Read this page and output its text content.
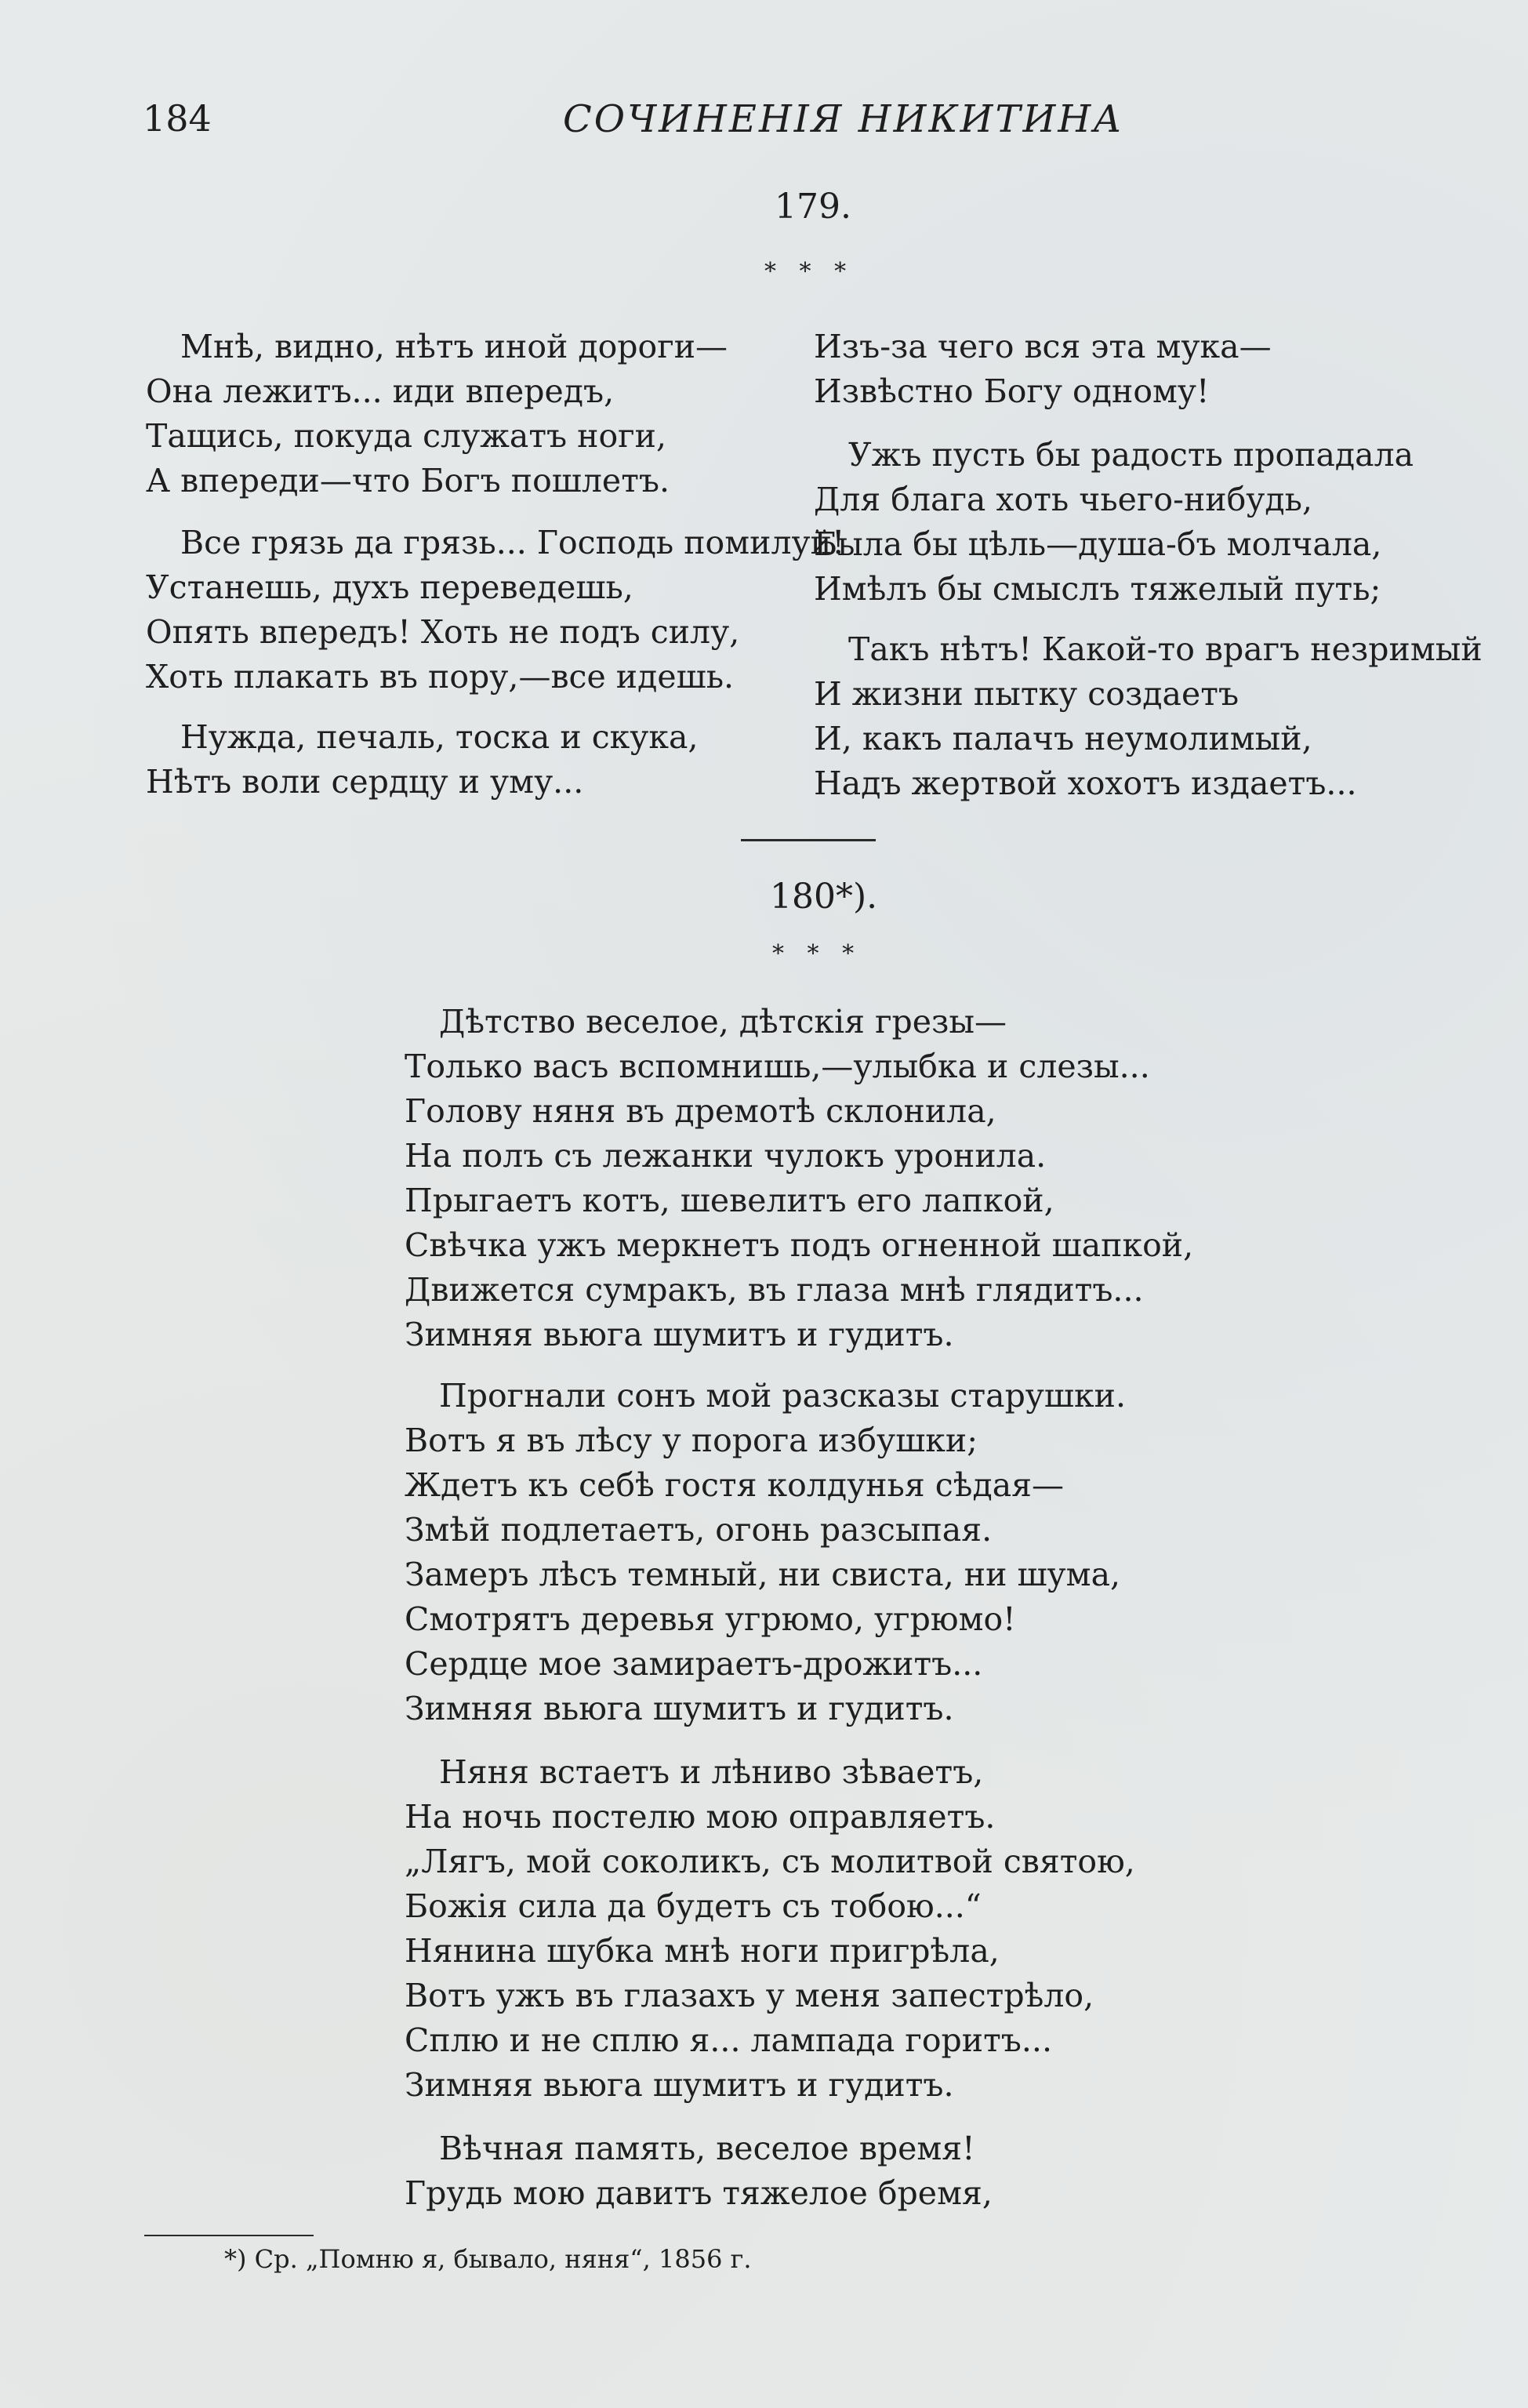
184	СОЧИНЕНІЯ НИКИТИНА
179.
* * *
Мнѣ, видно, нѣтъ иной дороги—
Она лежитъ... иди впередъ,
Тащись, покуда служатъ ноги,
А впереди—что Богъ пошлетъ.
Все грязь да грязь... Господь помилуй!
Устанешь, духъ переведешь,
Опять впередъ! Хоть не подъ силу,
Хоть плакать въ пору,—все идешь.
Нужда, печаль, тоска и скука,
Нѣтъ воли сердцу и уму...
Изъ-за чего вся эта мука—
Извѣстно Богу одному!
Ужъ пусть бы радость пропадала
Для блага хоть чьего-нибудь,
Была бы цѣль—душа-бъ молчала,
Имѣлъ бы смыслъ тяжелый путь;
Такъ нѣтъ! Какой-то врагъ незримый
И жизни пытку создаетъ
И, какъ палачъ неумолимый,
Надъ жертвой хохотъ издаетъ...
180*).
* * *
Дѣтство веселое, дѣтскія грезы—
Только васъ вспомнишь,—улыбка и слезы...
Голову няня въ дремотѣ склонила,
На полъ съ лежанки чулокъ уронила.
Прыгаетъ котъ, шевелитъ его лапкой,
Свѣчка ужъ меркнетъ подъ огненной шапкой,
Движется сумракъ, въ глаза мнѣ глядитъ...
Зимняя вьюга шумитъ и гудитъ.
Прогнали сонъ мой разсказы старушки.
Вотъ я въ лѣсу у порога избушки;
Ждетъ къ себѣ гостя колдунья сѣдая—
Змѣй подлетаетъ, огонь разсыпая.
Замеръ лѣсъ темный, ни свиста, ни шума,
Смотрятъ деревья угрюмо, угрюмо!
Сердце мое замираетъ-дрожитъ...
Зимняя вьюга шумитъ и гудитъ.
Няня встаетъ и лѣниво зѣваетъ,
На ночь постелю мою оправляетъ.
„Лягъ, мой соколикъ, съ молитвой святою,
Божія сила да будетъ съ тобою...“
Нянина шубка мнѣ ноги пригрѣла,
Вотъ ужъ въ глазахъ у меня запестрѣло,
Сплю и не сплю я... лампада горитъ...
Зимняя вьюга шумитъ и гудитъ.
Вѣчная память, веселое время!
Грудь мою давитъ тяжелое бремя,
*) Ср. „Помню я, бывало, няня“, 1856 г.
